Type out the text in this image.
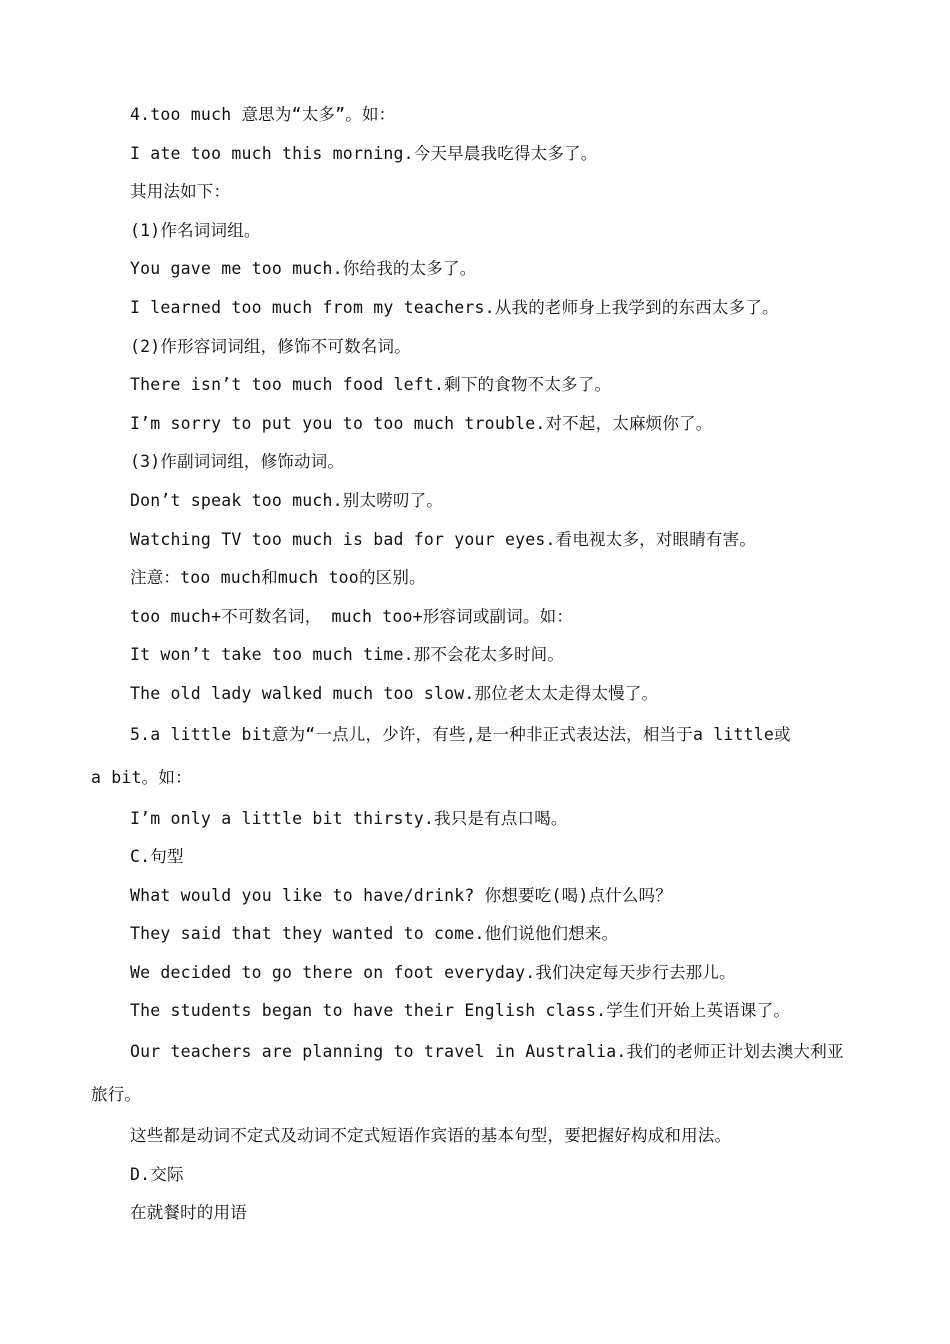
4.too much 意思为“太多”。如：

I ate too much this morning.今天早晨我吃得太多了。

其用法如下：

(1)作名词词组。

You gave me too much.你给我的太多了。

I learned too much from my teachers.从我的老师身上我学到的东西太多了。

(2)作形容词词组，修饰不可数名词。

There isn’t too much food left.剩下的食物不太多了。

I’m sorry to put you to too much trouble.对不起，太麻烦你了。

(3)作副词词组，修饰动词。

Don’t speak too much.别太唠叨了。

Watching TV too much is bad for your eyes.看电视太多，对眼睛有害。

注意：too much和much too的区别。

too much+不可数名词， much too+形容词或副词。如：

It won’t take too much time.那不会花太多时间。

The old lady walked much too slow.那位老太太走得太慢了。

5.a little bit意为“一点儿，少许，有些,是一种非正式表达法，相当于a little或

a bit。如：

I’m only a little bit thirsty.我只是有点口喝。

C.句型

What would you like to have/drink? 你想要吃(喝)点什么吗？

They said that they wanted to come.他们说他们想来。

We decided to go there on foot everyday.我们决定每天步行去那儿。

The students began to have their English class.学生们开始上英语课了。

Our teachers are planning to travel in Australia.我们的老师正计划去澳大利亚

旅行。

这些都是动词不定式及动词不定式短语作宾语的基本句型，要把握好构成和用法。

D.交际

在就餐时的用语
